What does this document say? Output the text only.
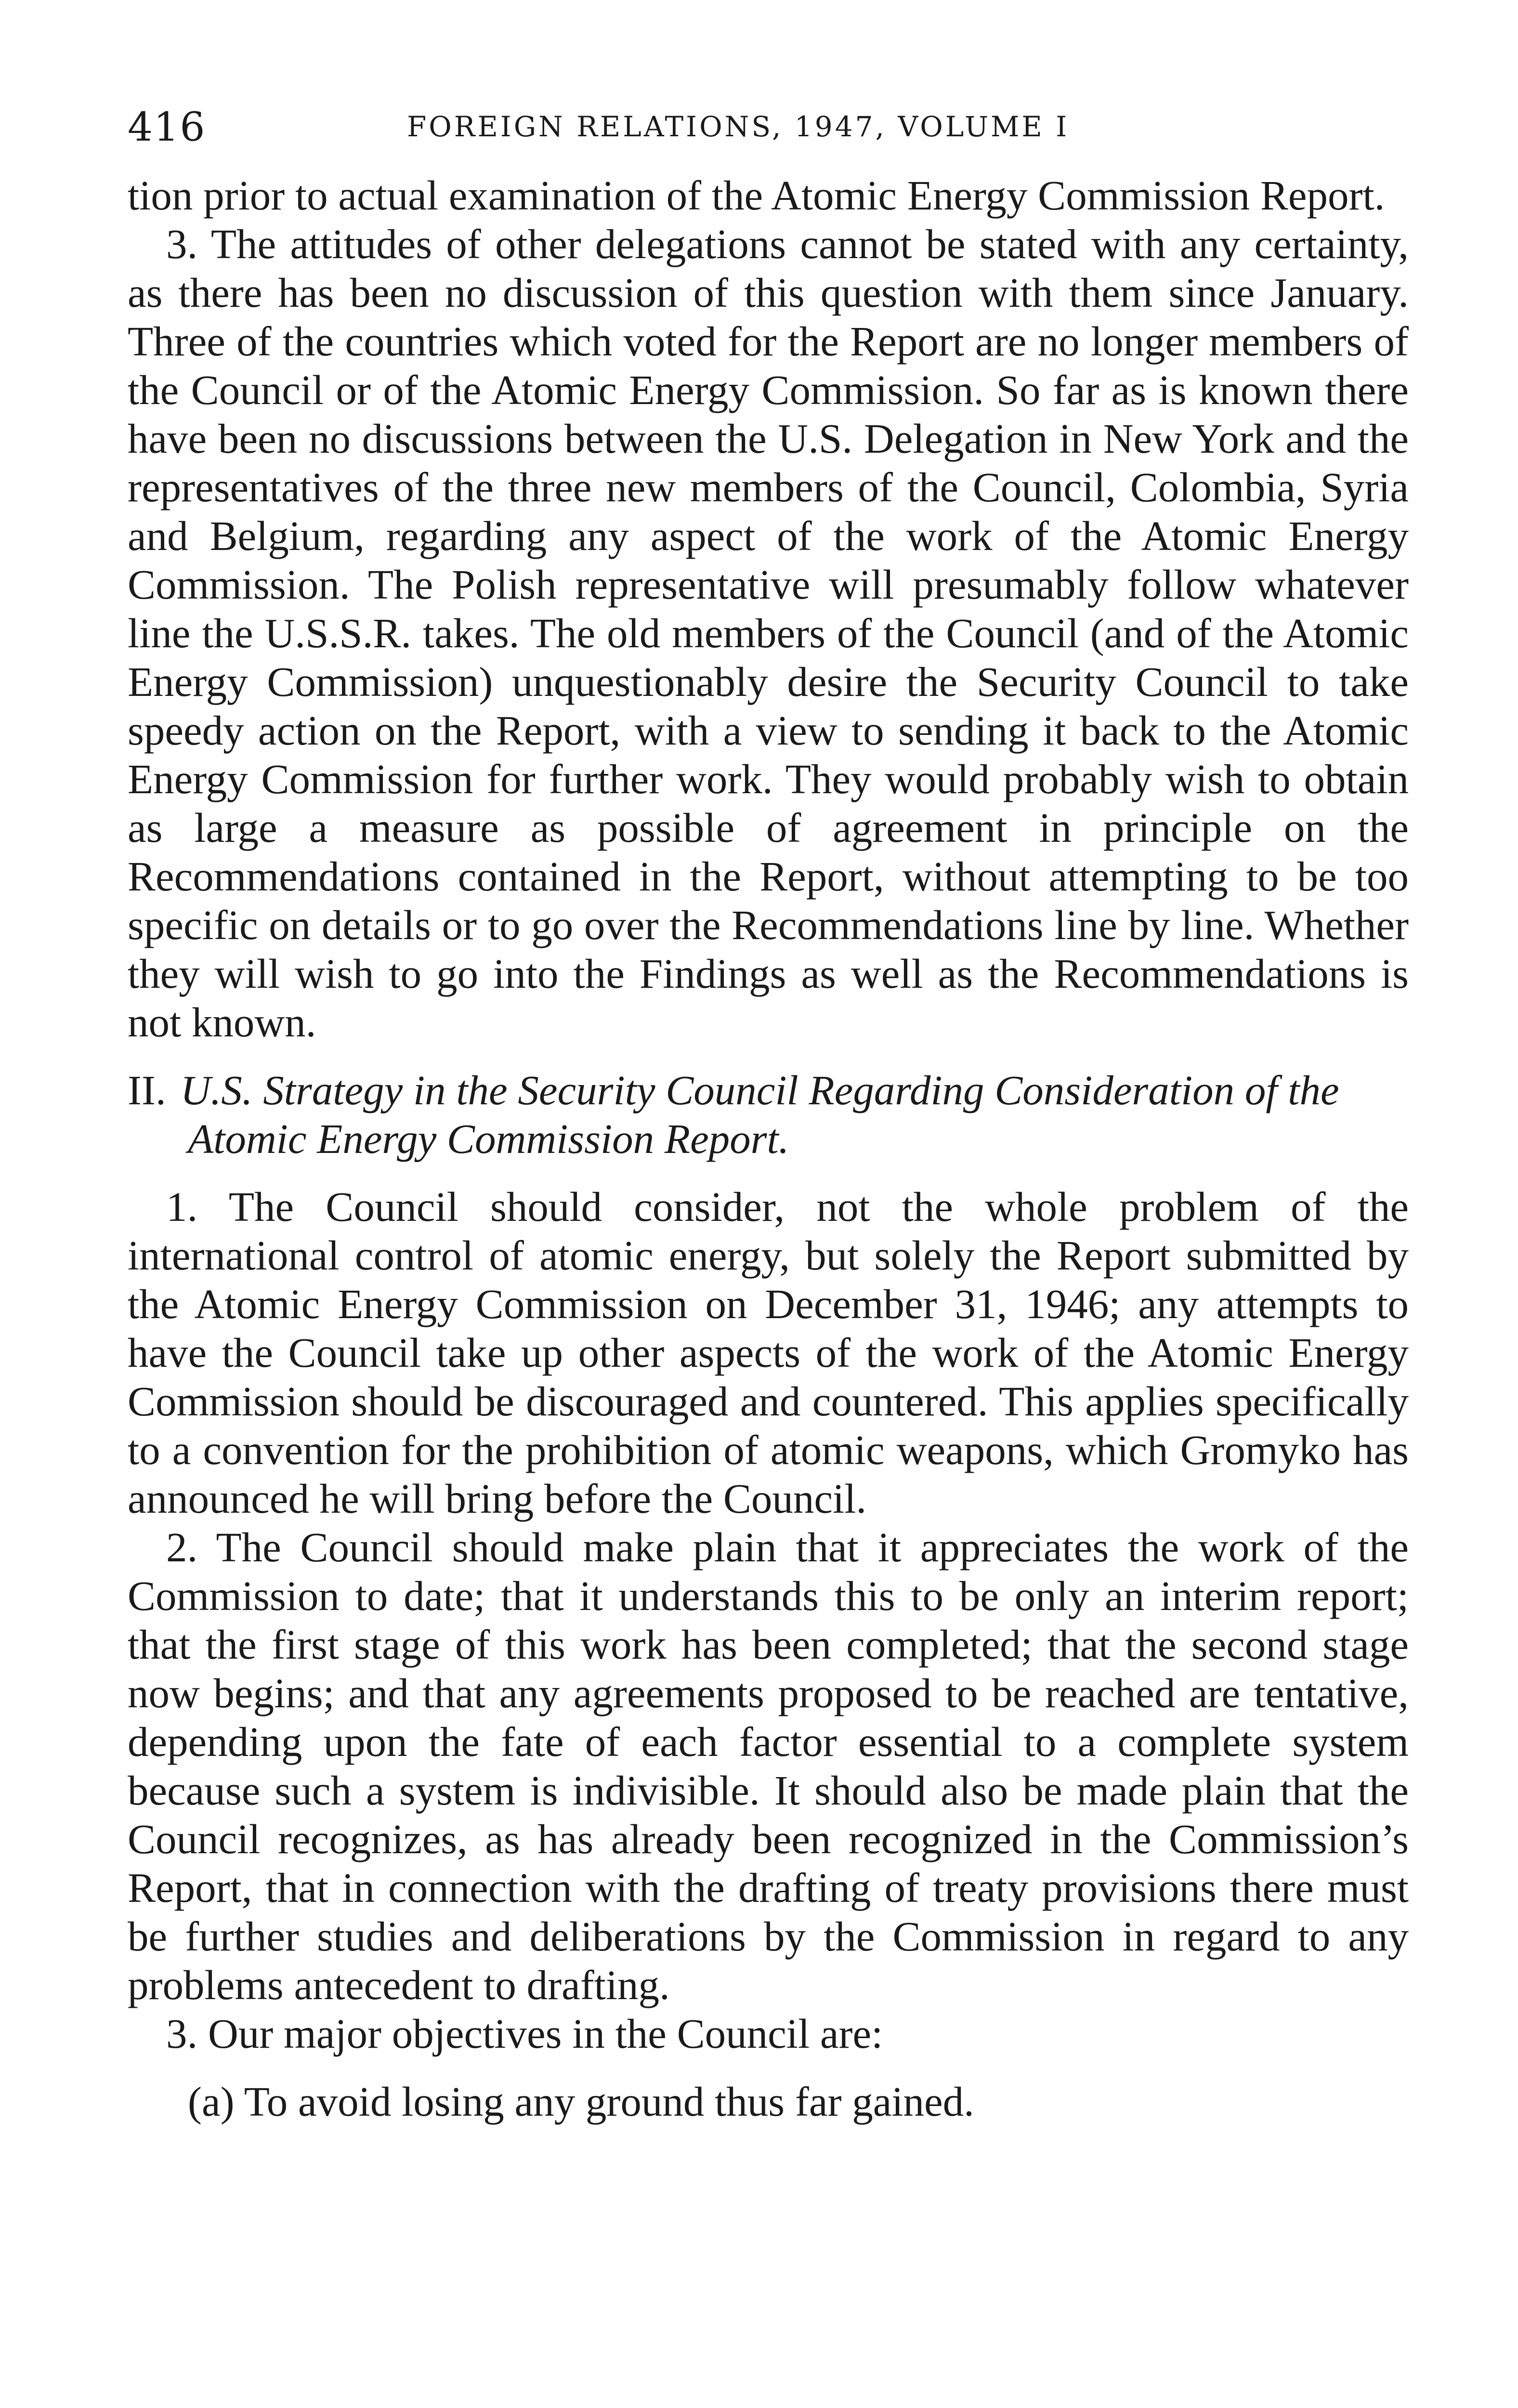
416	FOREIGN RELATIONS, 1947, VOLUME I

tion prior to actual examination of the Atomic Energy Commission Report.

3. The attitudes of other delegations cannot be stated with any certainty, as there has been no discussion of this question with them since January. Three of the countries which voted for the Report are no longer members of the Council or of the Atomic Energy Commission. So far as is known there have been no discussions between the U.S. Delegation in New York and the representatives of the three new members of the Council, Colombia, Syria and Belgium, regarding any aspect of the work of the Atomic Energy Commission. The Polish representative will presumably follow whatever line the U.S.S.R. takes. The old members of the Council (and of the Atomic Energy Commission) unquestionably desire the Security Council to take speedy action on the Report, with a view to sending it back to the Atomic Energy Commission for further work. They would probably wish to obtain as large a measure as possible of agreement in principle on the Recommendations contained in the Report, without attempting to be too specific on details or to go over the Recommendations line by line. Whether they will wish to go into the Findings as well as the Recommendations is not known.

II. U.S. Strategy in the Security Council Regarding Consideration of the Atomic Energy Commission Report.

1. The Council should consider, not the whole problem of the international control of atomic energy, but solely the Report submitted by the Atomic Energy Commission on December 31, 1946; any attempts to have the Council take up other aspects of the work of the Atomic Energy Commission should be discouraged and countered. This applies specifically to a convention for the prohibition of atomic weapons, which Gromyko has announced he will bring before the Council.

2. The Council should make plain that it appreciates the work of the Commission to date; that it understands this to be only an interim report; that the first stage of this work has been completed; that the second stage now begins; and that any agreements proposed to be reached are tentative, depending upon the fate of each factor essential to a complete system because such a system is indivisible. It should also be made plain that the Council recognizes, as has already been recognized in the Commission’s Report, that in connection with the drafting of treaty provisions there must be further studies and deliberations by the Commission in regard to any problems antecedent to drafting.

3. Our major objectives in the Council are:

(a) To avoid losing any ground thus far gained.
